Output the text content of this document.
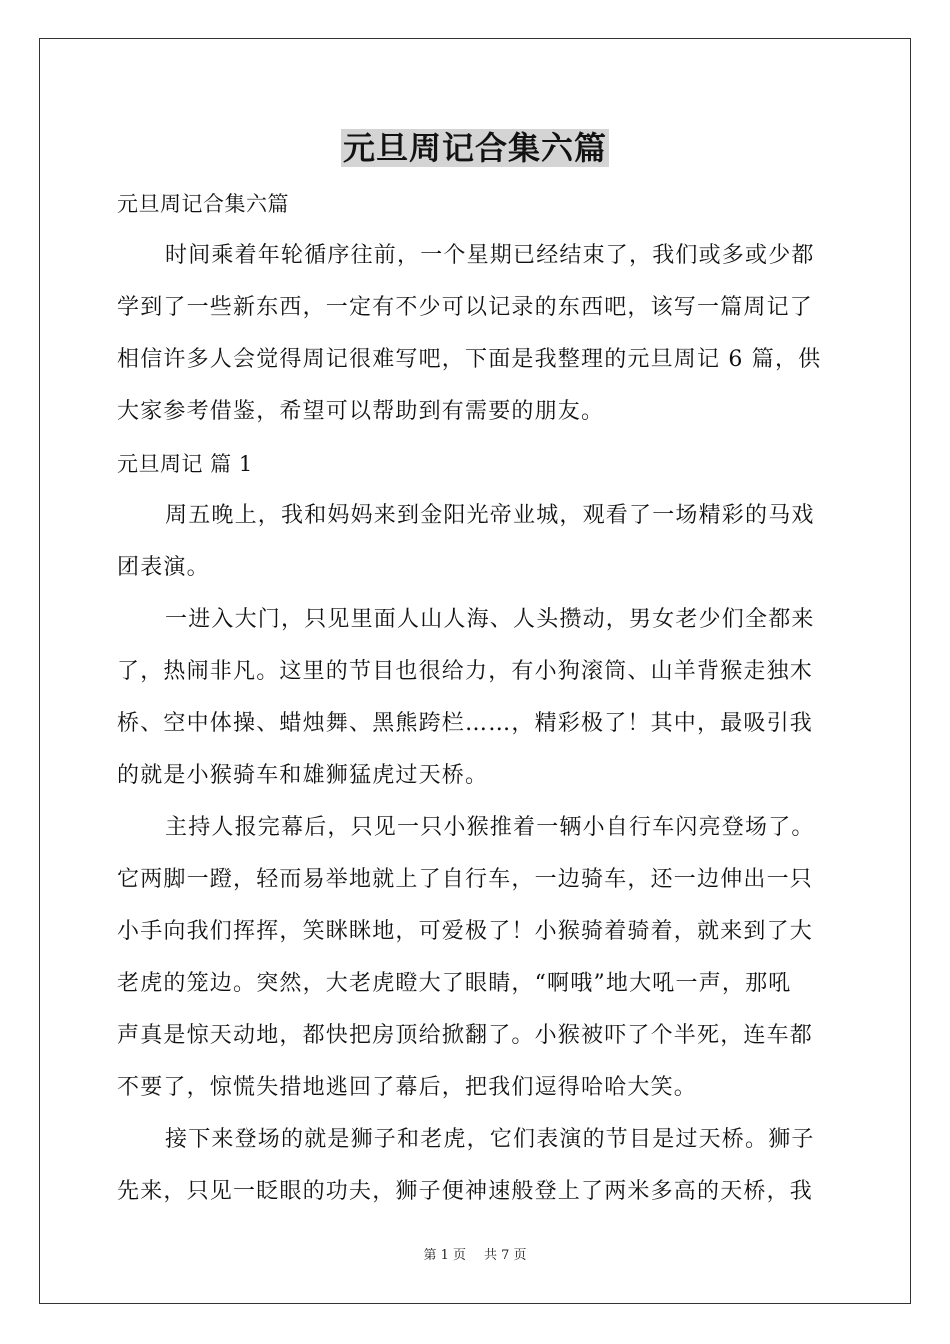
元旦周记合集六篇
元旦周记合集六篇
时间乘着年轮循序往前，一个星期已经结束了，我们或多或少都
学到了一些新东西，一定有不少可以记录的东西吧，该写一篇周记了
相信许多人会觉得周记很难写吧，下面是我整理的元旦周记 6 篇，供
大家参考借鉴，希望可以帮助到有需要的朋友。
元旦周记 篇 1
周五晚上，我和妈妈来到金阳光帝业城，观看了一场精彩的马戏
团表演。
一进入大门，只见里面人山人海、人头攒动，男女老少们全都来
了，热闹非凡。这里的节目也很给力，有小狗滚筒、山羊背猴走独木
桥、空中体操、蜡烛舞、黑熊跨栏……，精彩极了！其中，最吸引我
的就是小猴骑车和雄狮猛虎过天桥。
主持人报完幕后，只见一只小猴推着一辆小自行车闪亮登场了。
它两脚一蹬，轻而易举地就上了自行车，一边骑车，还一边伸出一只
小手向我们挥挥，笑眯眯地，可爱极了！小猴骑着骑着，就来到了大
老虎的笼边。突然，大老虎瞪大了眼睛，“啊哦”地大吼一声，那吼
声真是惊天动地，都快把房顶给掀翻了。小猴被吓了个半死，连车都
不要了，惊慌失措地逃回了幕后，把我们逗得哈哈大笑。
接下来登场的就是狮子和老虎，它们表演的节目是过天桥。狮子
先来，只见一眨眼的功夫，狮子便神速般登上了两米多高的天桥，我
第 1 页 共 7 页
